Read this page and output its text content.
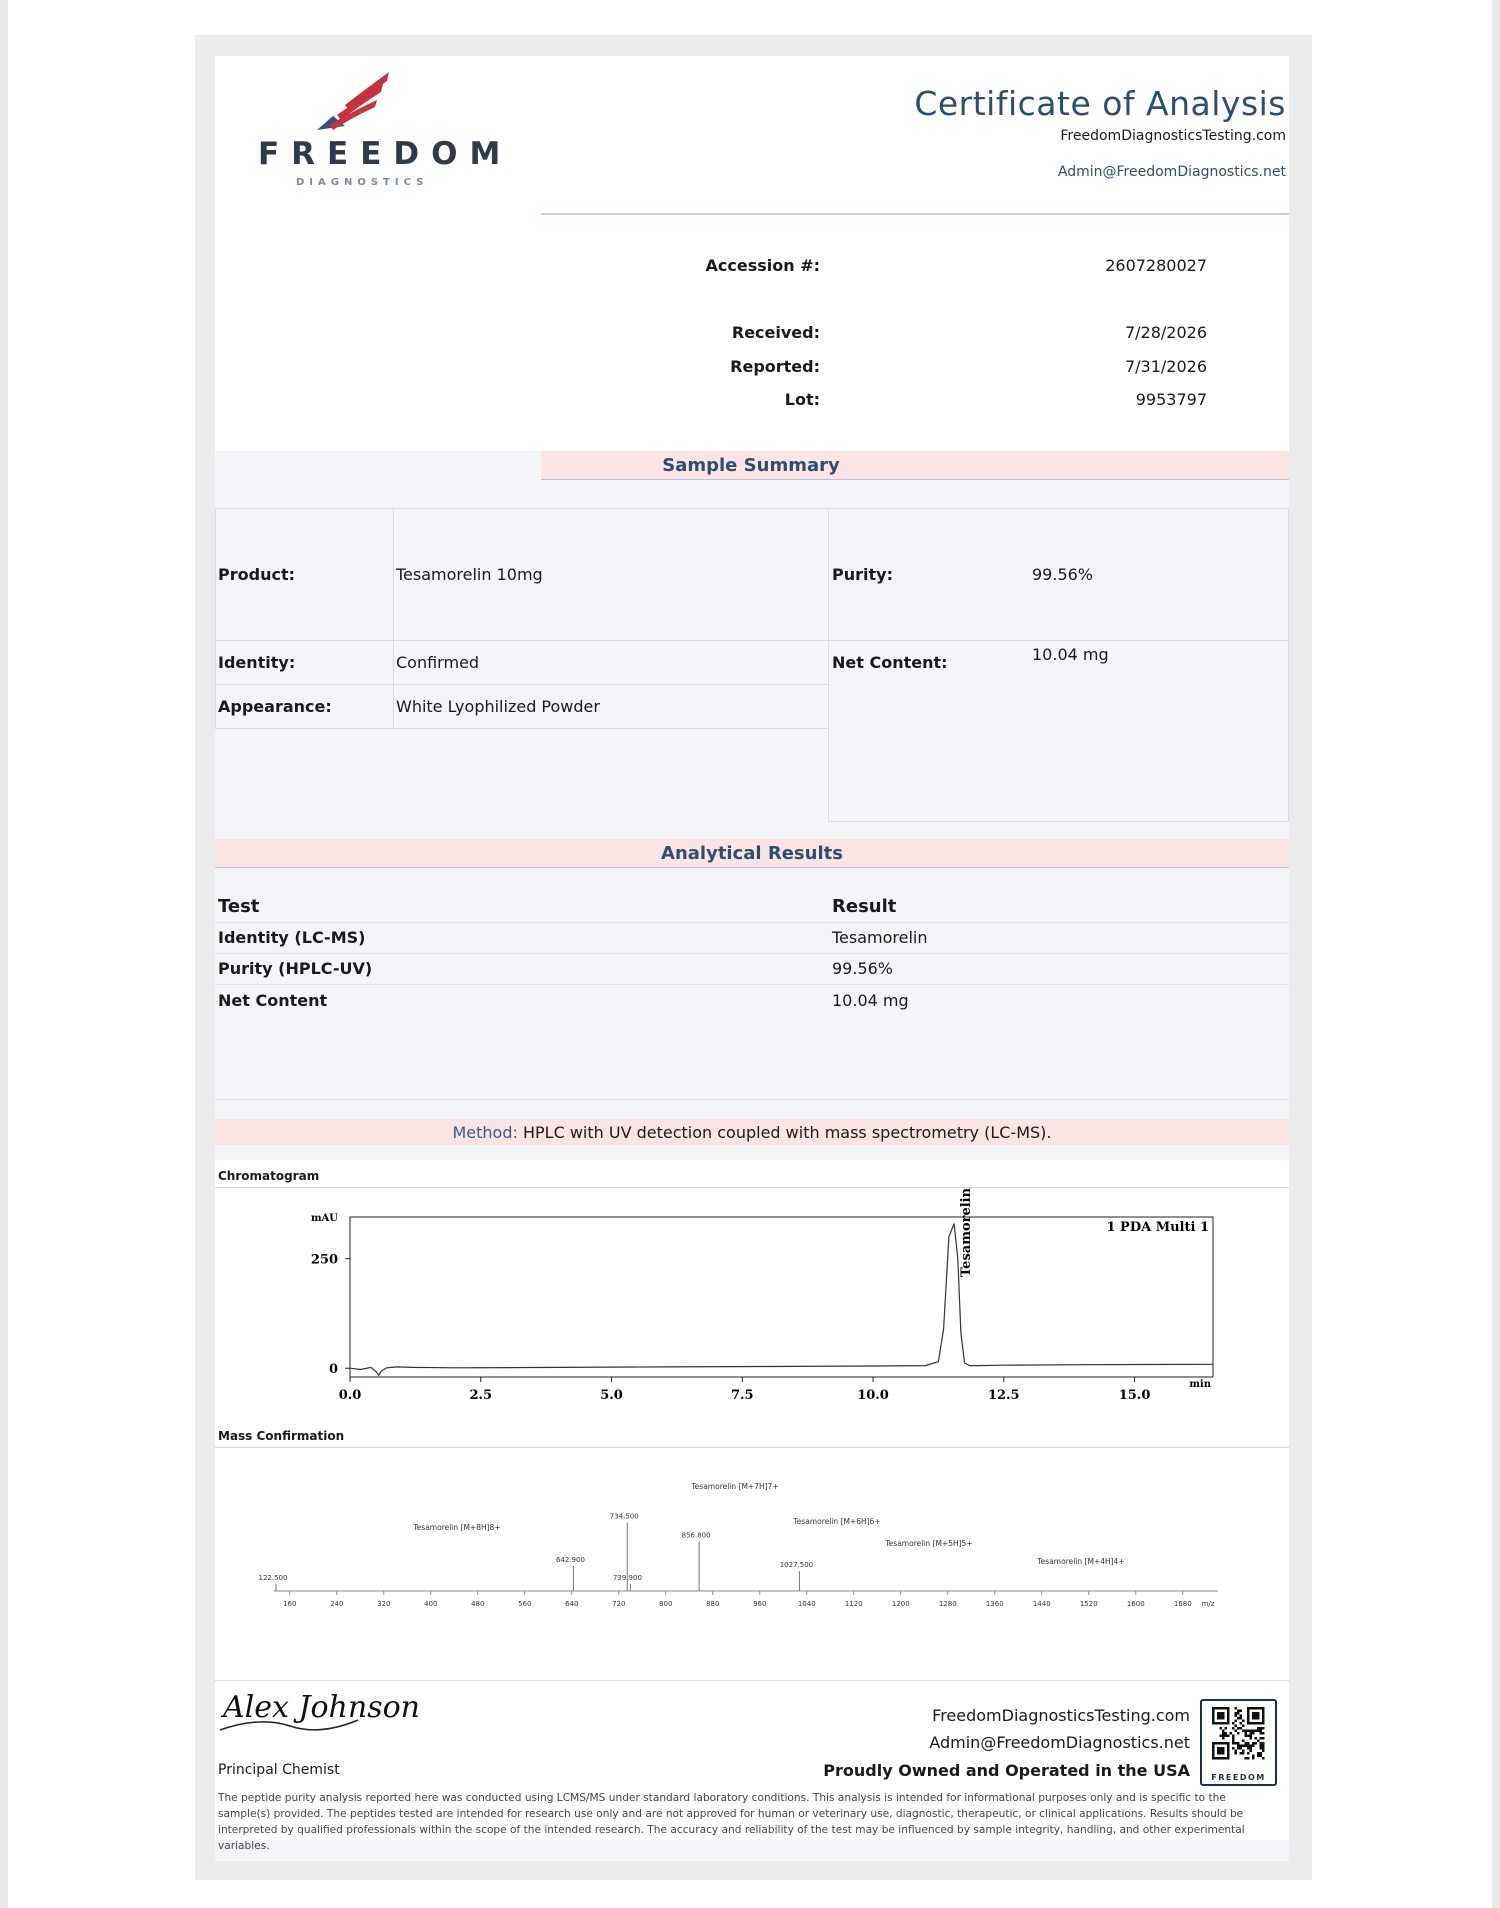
FREEDOM
DIAGNOSTICS
Certificate of Analysis
FreedomDiagnosticsTesting.com
Admin@FreedomDiagnostics.net
Accession #:	2607280027
Received:	7/28/2026
Reported:	7/31/2026
Lot:	9953797
Sample Summary
Product:	Tesamorelin 10mg	Purity:	99.56%
Identity:	Confirmed	Net Content:	10.04 mg
Appearance:	White Lyophilized Powder
Analytical Results
Test	Result
Identity (LC-MS)	Tesamorelin
Purity (HPLC-UV)	99.56%
Net Content	10.04 mg
Method: HPLC with UV detection coupled with mass spectrometry (LC-MS).
Chromatogram
0.0	2.5	5.0	7.5	10.0	12.5	15.0
0
250
mAU
min
1 PDA Multi 1
Tesamorelin
Mass Confirmation
160	240	320	400	480	560	640	720	800	880	960	1040	1120	1200	1280	1360	1440	1520	1600	1680 m/z
122.500
642.900
734.500
739.900
856.800
1027.500
Tesamorelin [M+8H]8+
Tesamorelin [M+7H]7+
Tesamorelin [M+6H]6+
Tesamorelin [M+5H]5+
Tesamorelin [M+4H]4+
Alex Johnson
Principal Chemist
FreedomDiagnosticsTesting.com
Admin@FreedomDiagnostics.net
Proudly Owned and Operated in the USA	FREEDOM
The peptide purity analysis reported here was conducted using LCMS/MS under standard laboratory conditions. This analysis is intended for informational purposes only and is specific to the sample(s) provided. The peptides tested are intended for research use only and are not approved for human or veterinary use, diagnostic, therapeutic, or clinical applications. Results should be interpreted by qualified professionals within the scope of the intended research. The accuracy and reliability of the test may be influenced by sample integrity, handling, and other experimental variables.
